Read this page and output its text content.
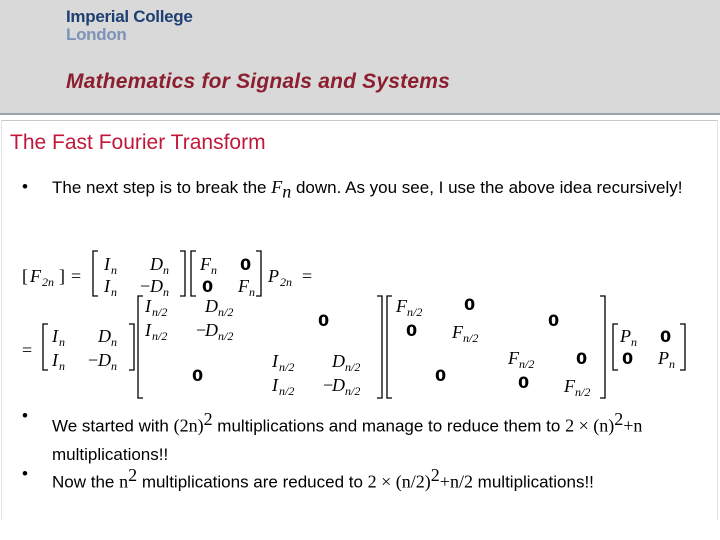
Imperial College
London
Mathematics for Signals and Systems
The Fast Fourier Transform
• The next step is to break the $F_n$ down. As you see, I use the above idea recursively!
[ F 2n ] =
I n D n
I n − D n
F n 0
0 F n
P 2n =
=
I n D n
I n − D n
I n/2 D n/2
I n/2 −
D n/2
0
0
I n/2 D n/2
I n/2 −
D n/2
F n/2	0
0 F n/2
0
0
F n/2	0
0 F n/2
P n 0
0 P n
•
We started with $(2n)^2$ multiplications and manage to reduce them to $2 \times (n)^2+n$ multiplications!!
• Now the $n^2$ multiplications are reduced to $2 \times (n/2)^2+n/2$ multiplications!!
